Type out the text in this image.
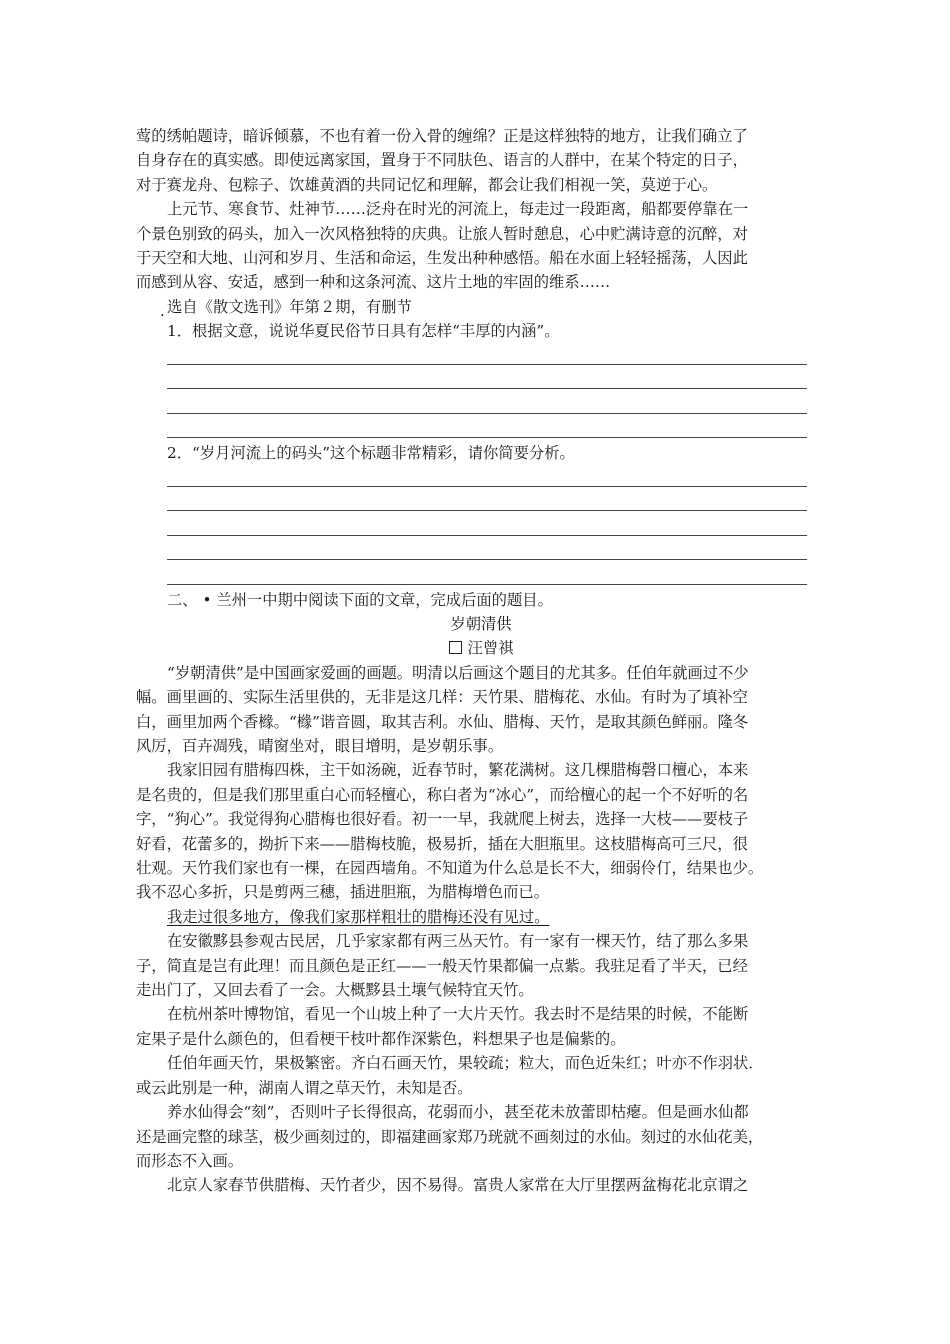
莺的绣帕题诗，暗诉倾慕，不也有着一份入骨的缠绵？正是这样独特的地方，让我们确立了

自身存在的真实感。即使远离家国，置身于不同肤色、语言的人群中，在某个特定的日子，

对于赛龙舟、包粽子、饮雄黄酒的共同记忆和理解，都会让我们相视一笑，莫逆于心。

上元节、寒食节、灶神节……泛舟在时光的河流上，每走过一段距离，船都要停靠在一

个景色别致的码头，加入一次风格独特的庆典。让旅人暂时憩息，心中贮满诗意的沉醉，对

于天空和大地、山河和岁月、生活和命运，生发出种种感悟。船在水面上轻轻摇荡，人因此

而感到从容、安适，感到一种和这条河流、这片土地的牢固的维系……

. 选自《散文选刊》年第２期，有删节

1．根据文意，说说华夏民俗节日具有怎样“丰厚的内涵”。

2．“岁月河流上的码头”这个标题非常精彩，请你简要分析。

二、 • 兰州一中期中阅读下面的文章，完成后面的题目。

岁朝清供

汪曾祺

“岁朝清供”是中国画家爱画的画题。明清以后画这个题目的尤其多。任伯年就画过不少

幅。画里画的、实际生活里供的，无非是这几样：天竹果、腊梅花、水仙。有时为了填补空

白，画里加两个香橼。“橼”谐音圆，取其吉利。水仙、腊梅、天竹，是取其颜色鲜丽。隆冬

风厉，百卉凋残，晴窗坐对，眼目增明，是岁朝乐事。

我家旧园有腊梅四株，主干如汤碗，近春节时，繁花满树。这几棵腊梅磬口檀心，本来

是名贵的，但是我们那里重白心而轻檀心，称白者为“冰心”，而给檀心的起一个不好听的名

字，“狗心”。我觉得狗心腊梅也很好看。初一一早，我就爬上树去，选择一大枝——要枝子

好看，花蕾多的，拗折下来——腊梅枝脆，极易折，插在大胆瓶里。这枝腊梅高可三尺，很

壮观。天竹我们家也有一棵，在园西墙角。不知道为什么总是长不大，细弱伶仃，结果也少。

我不忍心多折，只是剪两三穗，插进胆瓶，为腊梅增色而已。

我走过很多地方，像我们家那样粗壮的腊梅还没有见过。

在安徽黟县参观古民居，几乎家家都有两三丛天竹。有一家有一棵天竹，结了那么多果

子，简直是岂有此理！而且颜色是正红——一般天竹果都偏一点紫。我驻足看了半天，已经

走出门了，又回去看了一会。大概黟县土壤气候特宜天竹。

在杭州茶叶博物馆，看见一个山坡上种了一大片天竹。我去时不是结果的时候，不能断

定果子是什么颜色的，但看梗干枝叶都作深紫色，料想果子也是偏紫的。

任伯年画天竹，果极繁密。齐白石画天竹，果较疏；粒大，而色近朱红；叶亦不作羽状．

或云此别是一种，湖南人谓之草天竹，未知是否。

养水仙得会“刻”，否则叶子长得很高，花弱而小，甚至花未放蕾即枯瘪。但是画水仙都

还是画完整的球茎，极少画刻过的，即福建画家郑乃珖就不画刻过的水仙。刻过的水仙花美，

而形态不入画。

北京人家春节供腊梅、天竹者少，因不易得。富贵人家常在大厅里摆两盆梅花北京谓之
